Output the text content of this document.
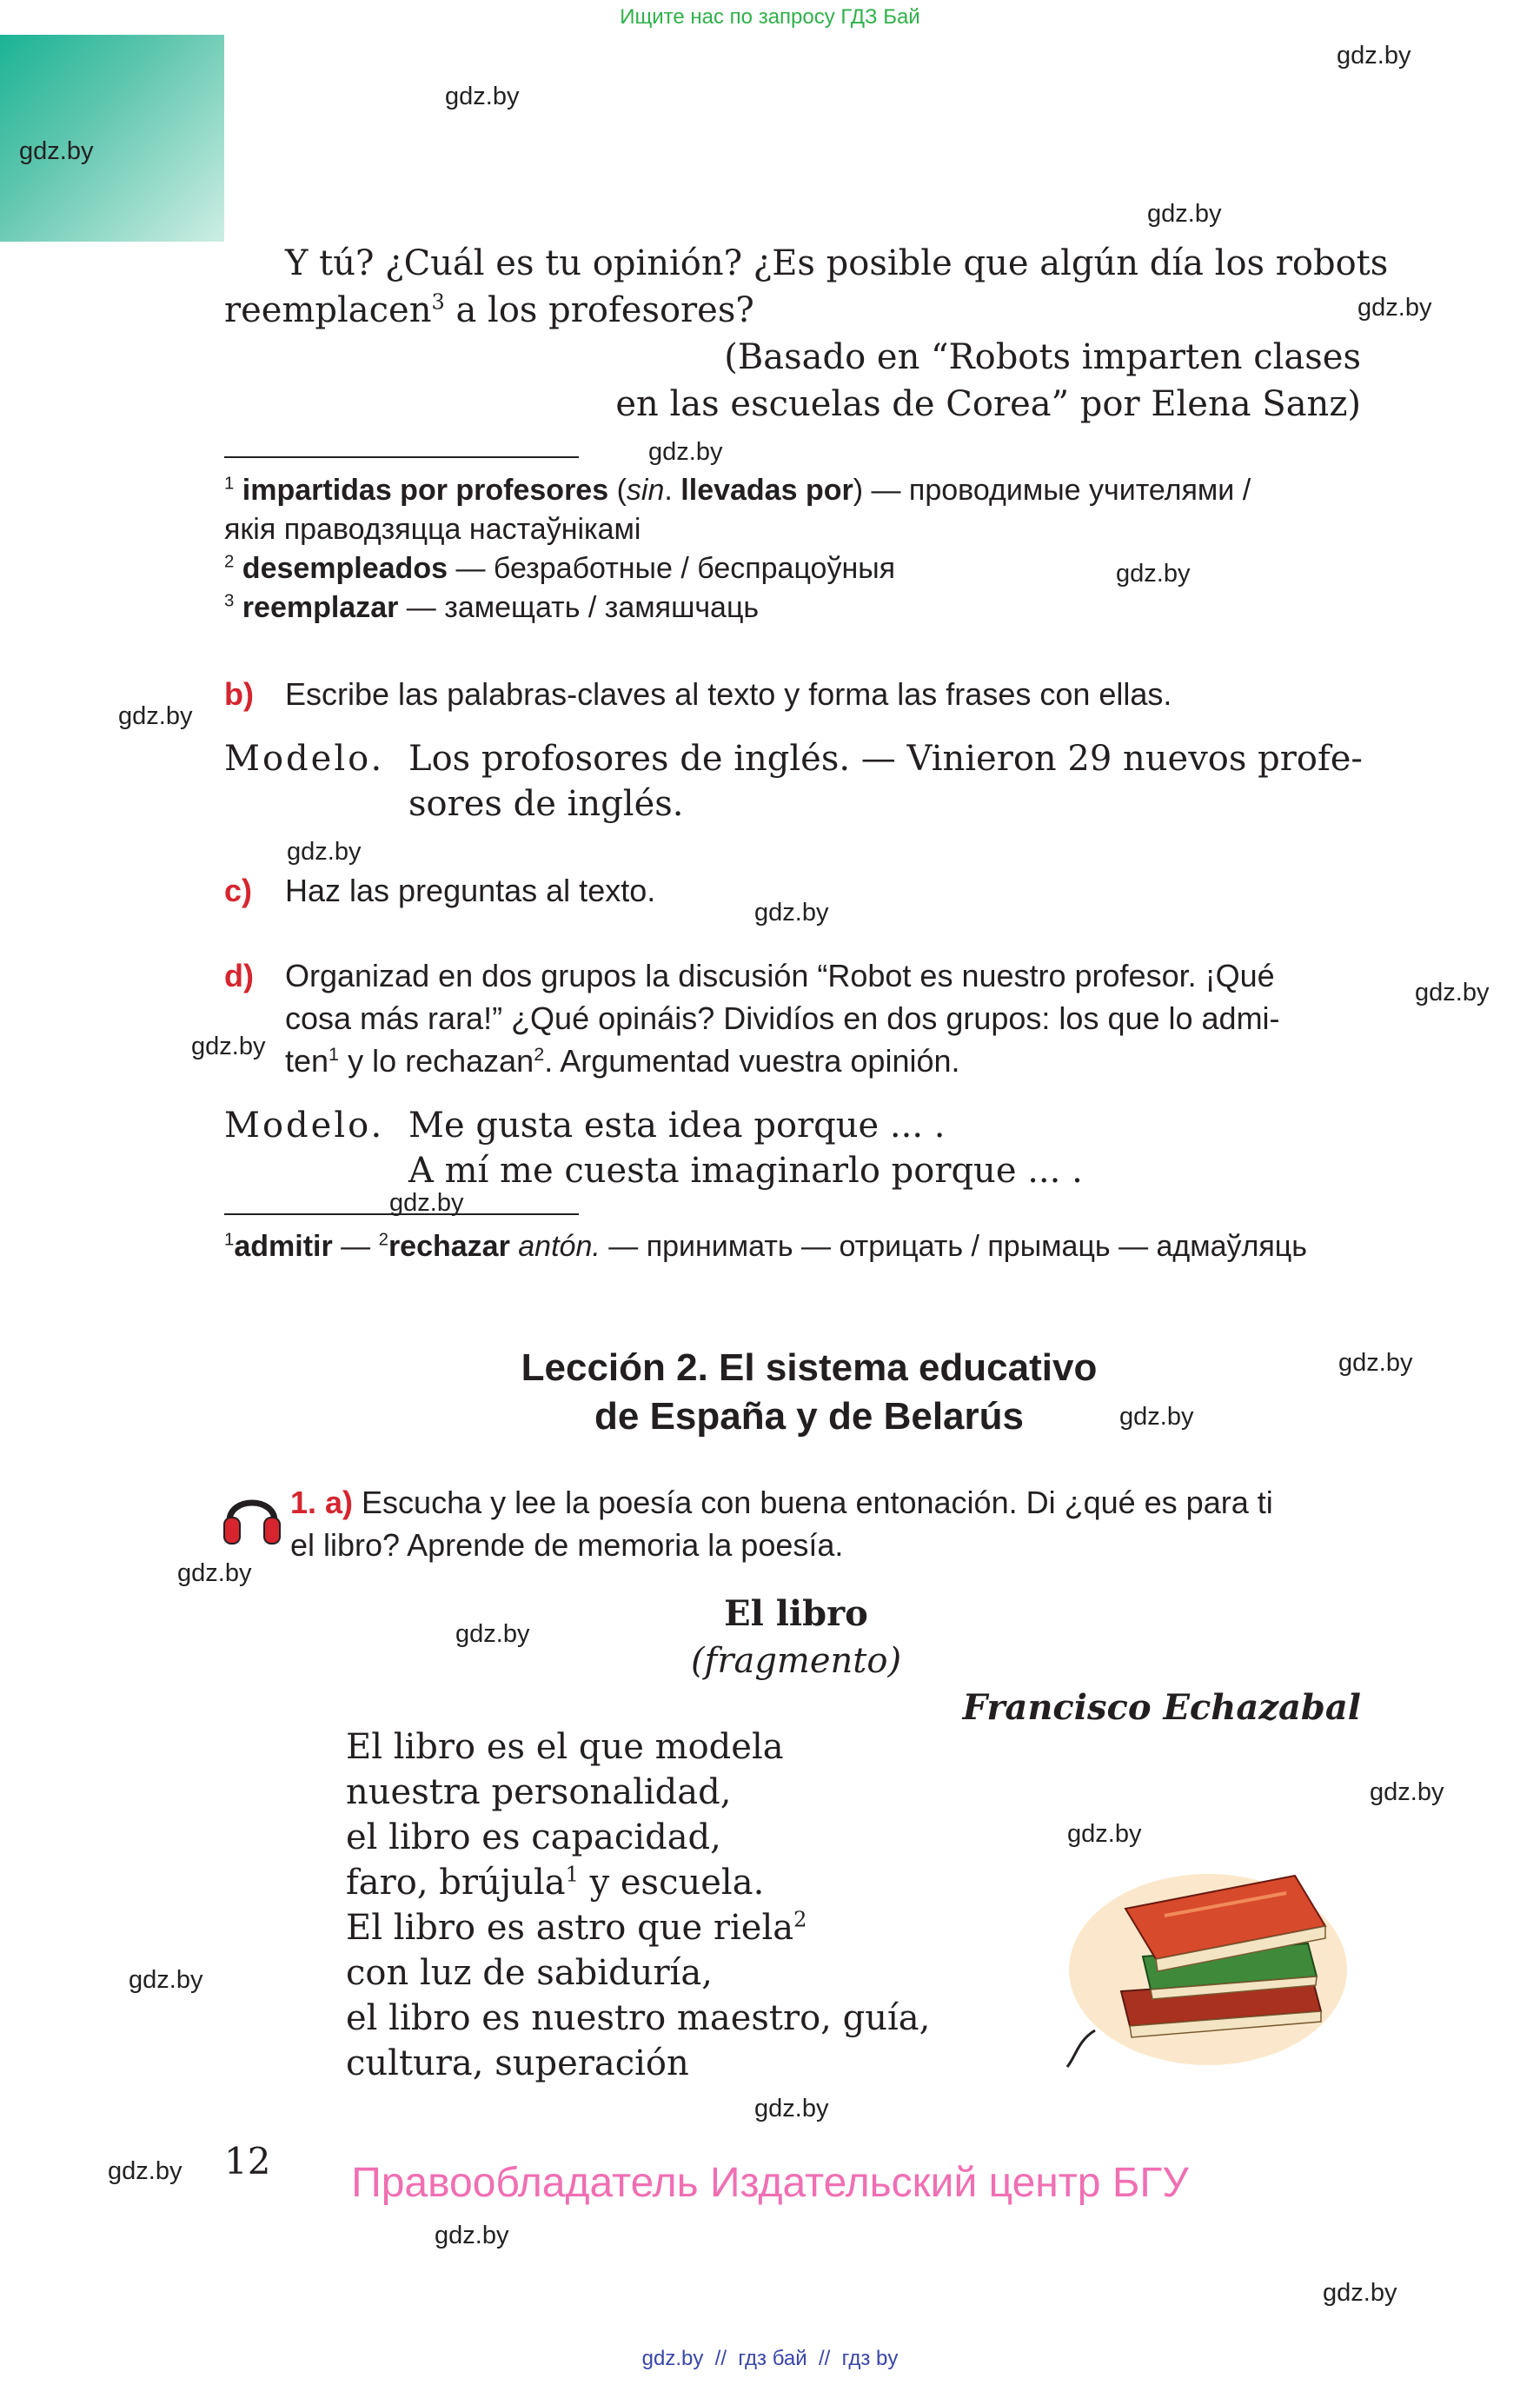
Ищите нас по запросу ГДЗ Бай
gdz.by
gdz.by
gdz.by
gdz.by
gdz.by
gdz.by
gdz.by
gdz.by
gdz.by
gdz.by
gdz.by
gdz.by
gdz.by
gdz.by
gdz.by
gdz.by
gdz.by
gdz.by
gdz.by
gdz.by
gdz.by
gdz.by
gdz.by
gdz.by
Y tú? ¿Cuál es tu opinión? ¿Es posible que algún día los robots
reemplacen$^3$ a los profesores?
(Basado en “Robots imparten clases
en las escuelas de Corea” por Elena Sanz)
$^1$ impartidas por profesores (sin. llevadas por) — проводимые учителями /
якія праводзяцца настаўнікамі
$^2$ desempleados — безработные / беспрацоўныя
$^3$ reemplazar — замещать / замяшчаць
b) Escribe las palabras-claves al texto y forma las frases con ellas.
Modelo. Los profosores de inglés. — Vinieron 29 nuevos profe-
sores de inglés.
c) Haz las preguntas al texto.
d) Organizad en dos grupos la discusión “Robot es nuestro profesor. ¡Qué
cosa más rara!” ¿Qué opináis? Dividíos en dos grupos: los que lo admi-
ten$^1$ y lo rechazan$^2$. Argumentad vuestra opinión.
Modelo. Me gusta esta idea porque ... .
A mí me cuesta imaginarlo porque ... .
$^1$admitir — $^2$rechazar antón. — принимать — отрицать / прымаць — адмаўляць
Lección 2. El sistema educativo
de España y de Belarús
1. a) Escucha y lee la poesía con buena entonación. Di ¿qué es para ti
el libro? Aprende de memoria la poesía.
El libro
(fragmento)
Francisco Echazabal
El libro es el que modela
nuestra personalidad,
el libro es capacidad,
faro, brújula$^1$ y escuela.
El libro es astro que riela$^2$
con luz de sabiduría,
el libro es nuestro maestro, guía,
cultura, superación
12	Правообладатель Издательский центр БГУ
gdz.by  //  гдз бай  //  гдз by
